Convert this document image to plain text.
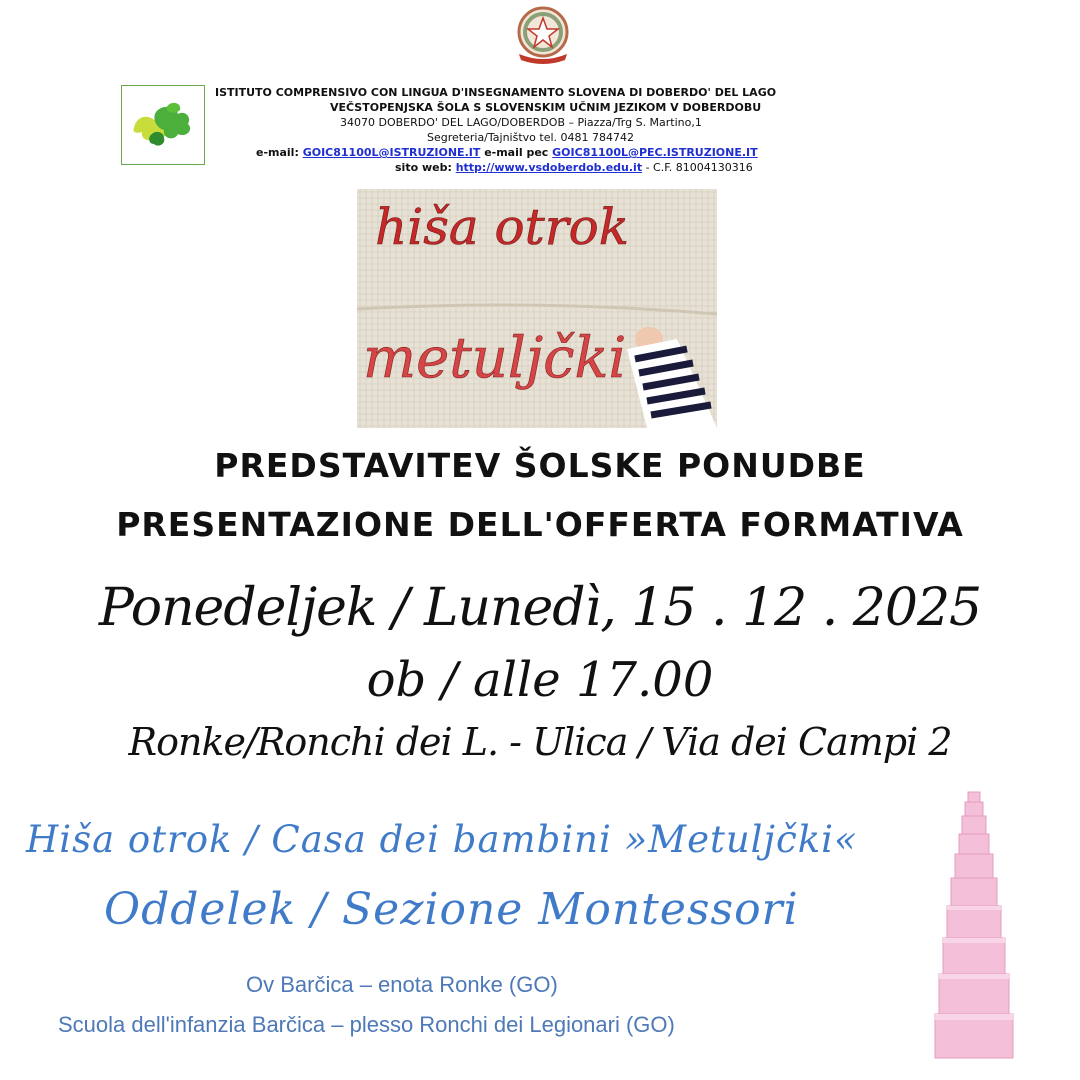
ISTITUTO COMPRENSIVO CON LINGUA D'INSEGNAMENTO SLOVENA DI DOBERDO' DEL LAGO
VEČSTOPENJSKA ŠOLA S SLOVENSKIM UČNIM JEZIKOM V DOBERDOBU
34070 DOBERDO' DEL LAGO/DOBERDOB – Piazza/Trg S. Martino,1
Segreteria/Tajništvo tel. 0481 784742
e-mail: GOIC81100L@ISTRUZIONE.IT e-mail pec GOIC81100L@PEC.ISTRUZIONE.IT
sito web: http://www.vsdoberdob.edu.it - C.F. 81004130316
hiša otrok
metuljčki
PREDSTAVITEV ŠOLSKE PONUDBE
PRESENTAZIONE DELL'OFFERTA FORMATIVA
Ponedeljek / Lunedì, 15 . 12 . 2025
ob / alle 17.00
Ronke/Ronchi dei L. - Ulica / Via dei Campi 2
Hiša otrok / Casa dei bambini »Metuljčki«
Oddelek / Sezione Montessori
Ov Barčica – enota Ronke (GO)
Scuola dell'infanzia Barčica – plesso Ronchi dei Legionari (GO)
